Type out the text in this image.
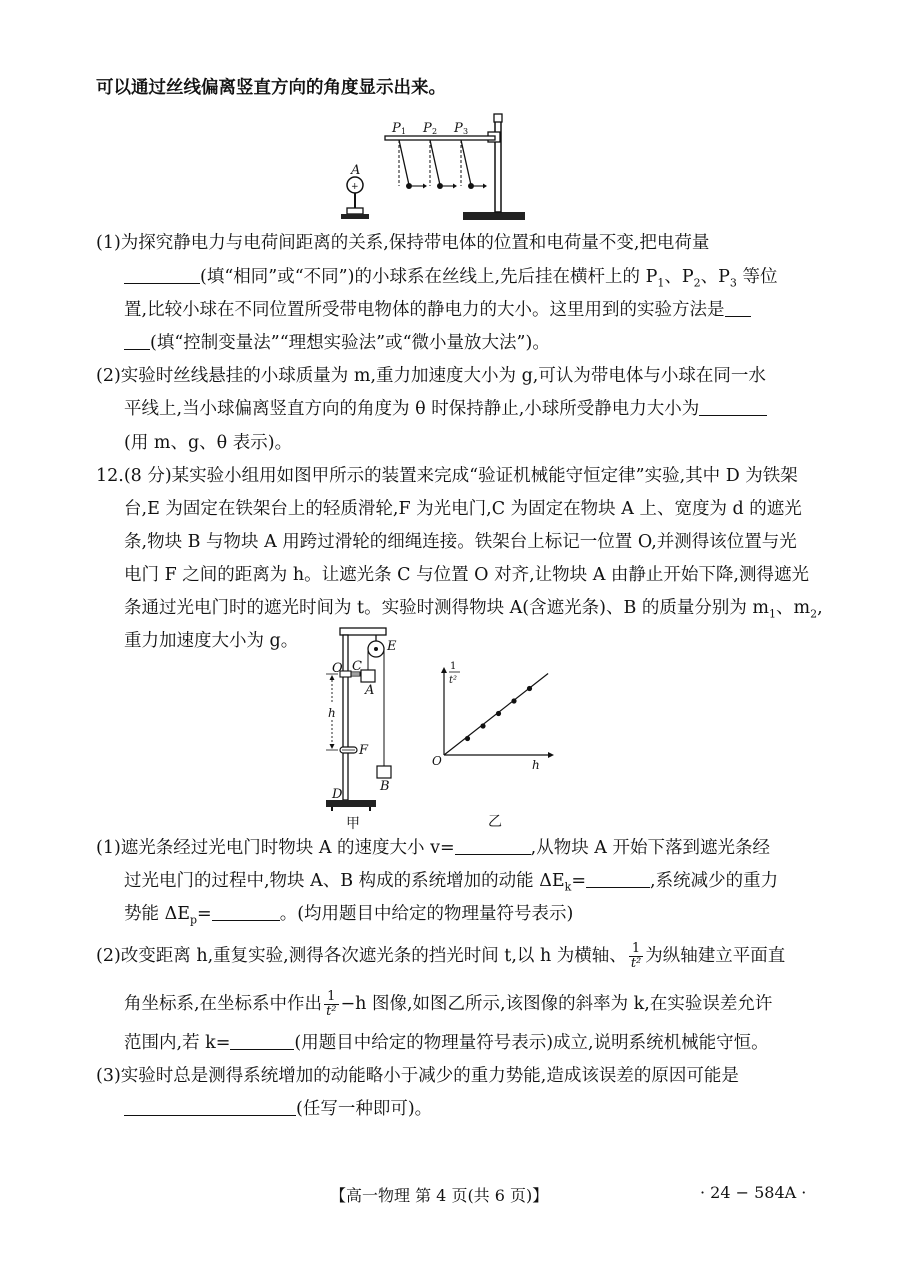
可以通过丝线偏离竖直方向的角度显示出来。
+
A
P 1 P 2 P 3
(1)为探究静电力与电荷间距离的关系,保持带电体的位置和电荷量不变,把电荷量
(填“相同”或“不同”)的小球系在丝线上,先后挂在横杆上的 $P_1$、$P_2$、$P_3$ 等位
置,比较小球在不同位置所受带电物体的静电力的大小。这里用到的实验方法是
(填“控制变量法”“理想实验法”或“微小量放大法”)。
(2)实验时丝线悬挂的小球质量为 m,重力加速度大小为 g,可认为带电体与小球在同一水
平线上,当小球偏离竖直方向的角度为 θ 时保持静止,小球所受静电力大小为
(用 m、g、θ 表示)。
12.(8 分)某实验小组用如图甲所示的装置来完成“验证机械能守恒定律”实验,其中 D 为铁架
台,E 为固定在铁架台上的轻质滑轮,F 为光电门,C 为固定在物块 A 上、宽度为 d 的遮光
条,物块 B 与物块 A 用跨过滑轮的细绳连接。铁架台上标记一位置 O,并测得该位置与光
电门 F 之间的距离为 h。让遮光条 C 与位置 O 对齐,让物块 A 由静止开始下降,测得遮光
条通过光电门时的遮光时间为 t。实验时测得物块 A(含遮光条)、B 的质量分别为 $m_1$、$m_2$,
重力加速度大小为 g。
h
O C
A
E
F
B
D
甲
1
t²
h
O
乙
(1)遮光条经过光电门时物块 A 的速度大小 v=	,从物块 A 开始下落到遮光条经
过光电门的过程中,物块 A、B 构成的系统增加的动能 $\Delta E_k=$	,系统减少的重力
势能 $\Delta E_p=$	。(均用题目中给定的物理量符号表示)
(2)改变距离 h,重复实验,测得各次遮光条的挡光时间 t,以 h 为横轴、 $\frac{1}{\text{t²}}$ 为纵轴建立平面直
角坐标系,在坐标系中作出 $\frac{1}{\text{t²}} -h$ 图像,如图乙所示,该图像的斜率为 k,在实验误差允许
范围内,若 k=	(用题目中给定的物理量符号表示)成立,说明系统机械能守恒。
(3)实验时总是测得系统增加的动能略小于减少的重力势能,造成该误差的原因可能是
(任写一种即可)。
【高一物理 第 4 页(共 6 页)】	· 24 − 584A ·
